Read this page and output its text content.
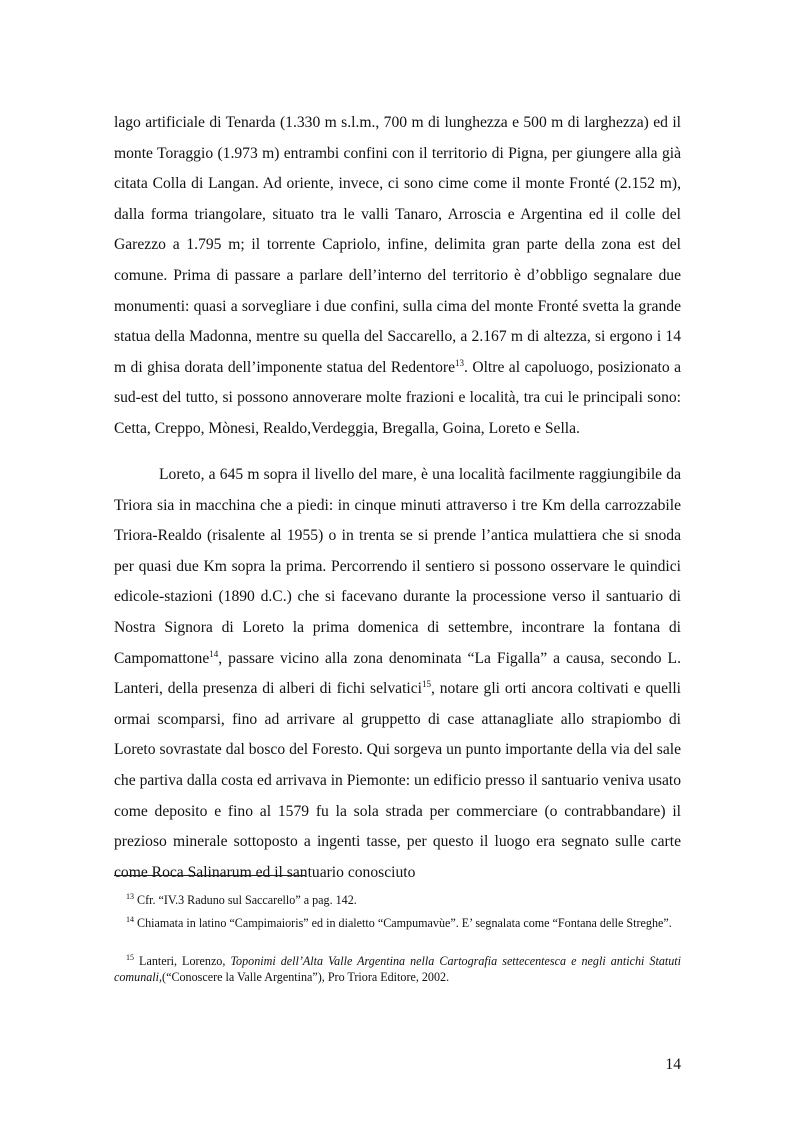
lago artificiale di Tenarda (1.330 m s.l.m., 700 m di lunghezza e 500 m di larghezza) ed il monte Toraggio (1.973 m) entrambi confini con il territorio di Pigna, per giungere alla già citata Colla di Langan. Ad oriente, invece, ci sono cime come il monte Fronté (2.152 m), dalla forma triangolare, situato tra le valli Tanaro, Arroscia e Argentina ed il colle del Garezzo a 1.795 m; il torrente Capriolo, infine, delimita gran parte della zona est del comune. Prima di passare a parlare dell’interno del territorio è d’obbligo segnalare due monumenti: quasi a sorvegliare i due confini, sulla cima del monte Fronté svetta la grande statua della Madonna, mentre su quella del Saccarello, a 2.167 m di altezza, si ergono i 14 m di ghisa dorata dell’imponente statua del Redentore$^{13}$. Oltre al capoluogo, posizionato a sud-est del tutto, si possono annoverare molte frazioni e località, tra cui le principali sono: Cetta, Creppo, Mònesi, Realdo,Verdeggia, Bregalla, Goina, Loreto e Sella.

Loreto, a 645 m sopra il livello del mare, è una località facilmente raggiungibile da Triora sia in macchina che a piedi: in cinque minuti attraverso i tre Km della carrozzabile Triora-Realdo (risalente al 1955) o in trenta se si prende l’antica mulattiera che si snoda per quasi due Km sopra la prima. Percorrendo il sentiero si possono osservare le quindici edicole-stazioni (1890 d.C.) che si facevano durante la processione verso il santuario di Nostra Signora di Loreto la prima domenica di settembre, incontrare la fontana di Campomattone$^{14}$, passare vicino alla zona denominata “La Figalla” a causa, secondo L. Lanteri, della presenza di alberi di fichi selvatici$^{15}$, notare gli orti ancora coltivati e quelli ormai scomparsi, fino ad arrivare al gruppetto di case attanagliate allo strapiombo di Loreto sovrastate dal bosco del Foresto. Qui sorgeva un punto importante della via del sale che partiva dalla costa ed arrivava in Piemonte: un edificio presso il santuario veniva usato come deposito e fino al 1579 fu la sola strada per commerciare (o contrabbandare) il prezioso minerale sottoposto a ingenti tasse, per questo il luogo era segnato sulle carte come Roca Salinarum ed il santuario conosciuto

$^{13}$ Cfr. “IV.3 Raduno sul Saccarello” a pag. 142.

$^{14}$ Chiamata in latino “Campimaioris” ed in dialetto “Campumavùe”. E’ segnalata come “Fontana delle Streghe”.

$^{15}$ Lanteri, Lorenzo, Toponimi dell’Alta Valle Argentina nella Cartografia settecentesca e negli antichi Statuti comunali,(“Conoscere la Valle Argentina”), Pro Triora Editore, 2002.

14
